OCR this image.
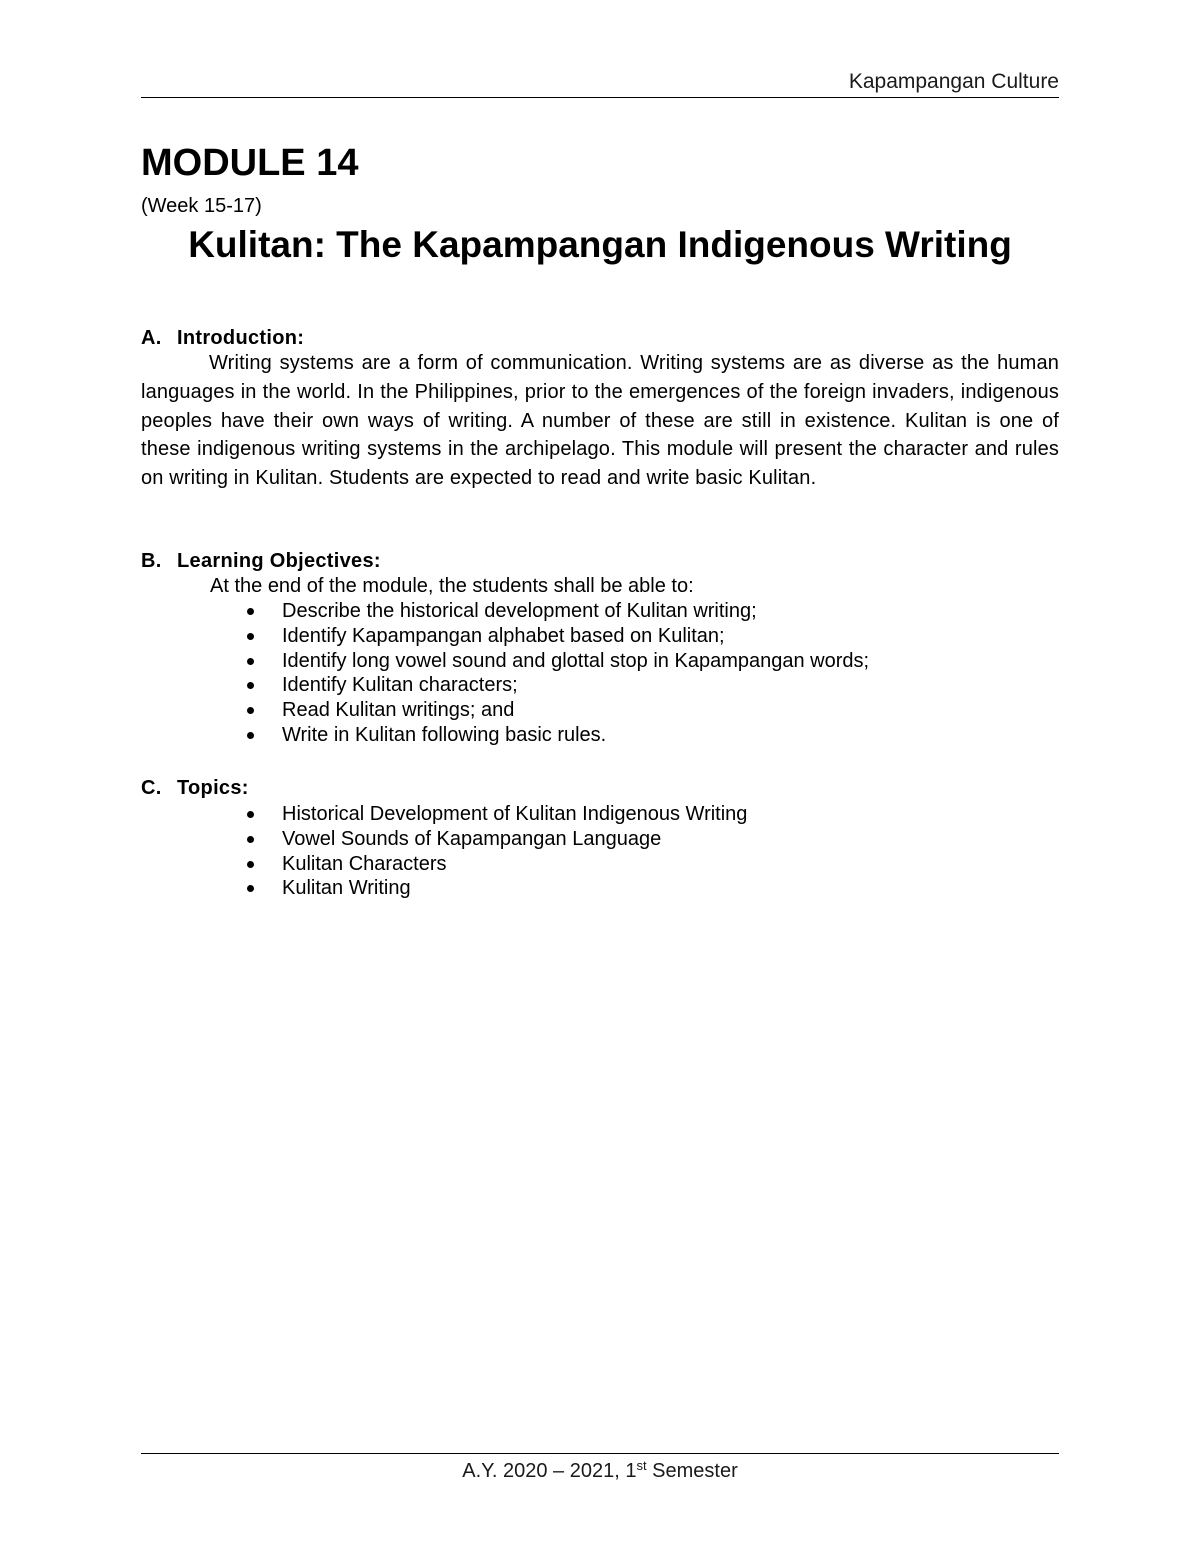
Kapampangan Culture
MODULE 14
(Week 15-17)
Kulitan: The Kapampangan Indigenous Writing
A. Introduction:
Writing systems are a form of communication. Writing systems are as diverse as the human languages in the world. In the Philippines, prior to the emergences of the foreign invaders, indigenous peoples have their own ways of writing. A number of these are still in existence. Kulitan is one of these indigenous writing systems in the archipelago. This module will present the character and rules on writing in Kulitan. Students are expected to read and write basic Kulitan.
B. Learning Objectives:
At the end of the module, the students shall be able to:
Describe the historical development of Kulitan writing;
Identify Kapampangan alphabet based on Kulitan;
Identify long vowel sound and glottal stop in Kapampangan words;
Identify Kulitan characters;
Read Kulitan writings; and
Write in Kulitan following basic rules.
C. Topics:
Historical Development of Kulitan Indigenous Writing
Vowel Sounds of Kapampangan Language
Kulitan Characters
Kulitan Writing
A.Y. 2020 – 2021, 1st Semester
